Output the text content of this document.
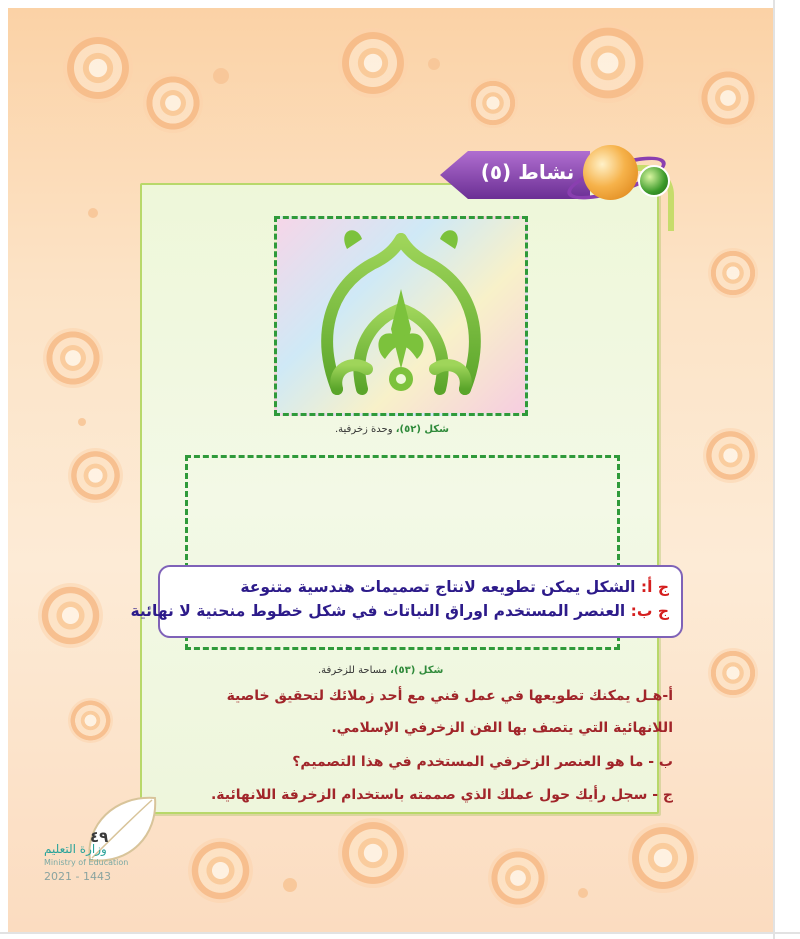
نشاط (٥)
شكل (٥٢)، وحدة زخرفية.
ج أ: الشكل يمكن تطويعه لانتاج تصميمات هندسية متنوعة
ج ب: العنصر المستخدم اوراق النباتات في شكل خطوط منحنية لا نهائية
شكل (٥٣)، مساحة للزخرفة.
أ-هـل يمكنك تطويعها في عمل فني مع أحد زملائك لتحقيق خاصية
اللانهائية التي يتصف بها الفن الزخرفي الإسلامي.
ب - ما هو العنصر الزخرفي المستخدم في هذا التصميم؟
ج - سجل رأيك حول عملك الذي صممته باستخدام الزخرفة اللانهائية.
٤٩
وزارة التعليم
Ministry of Education
2021 - 1443
